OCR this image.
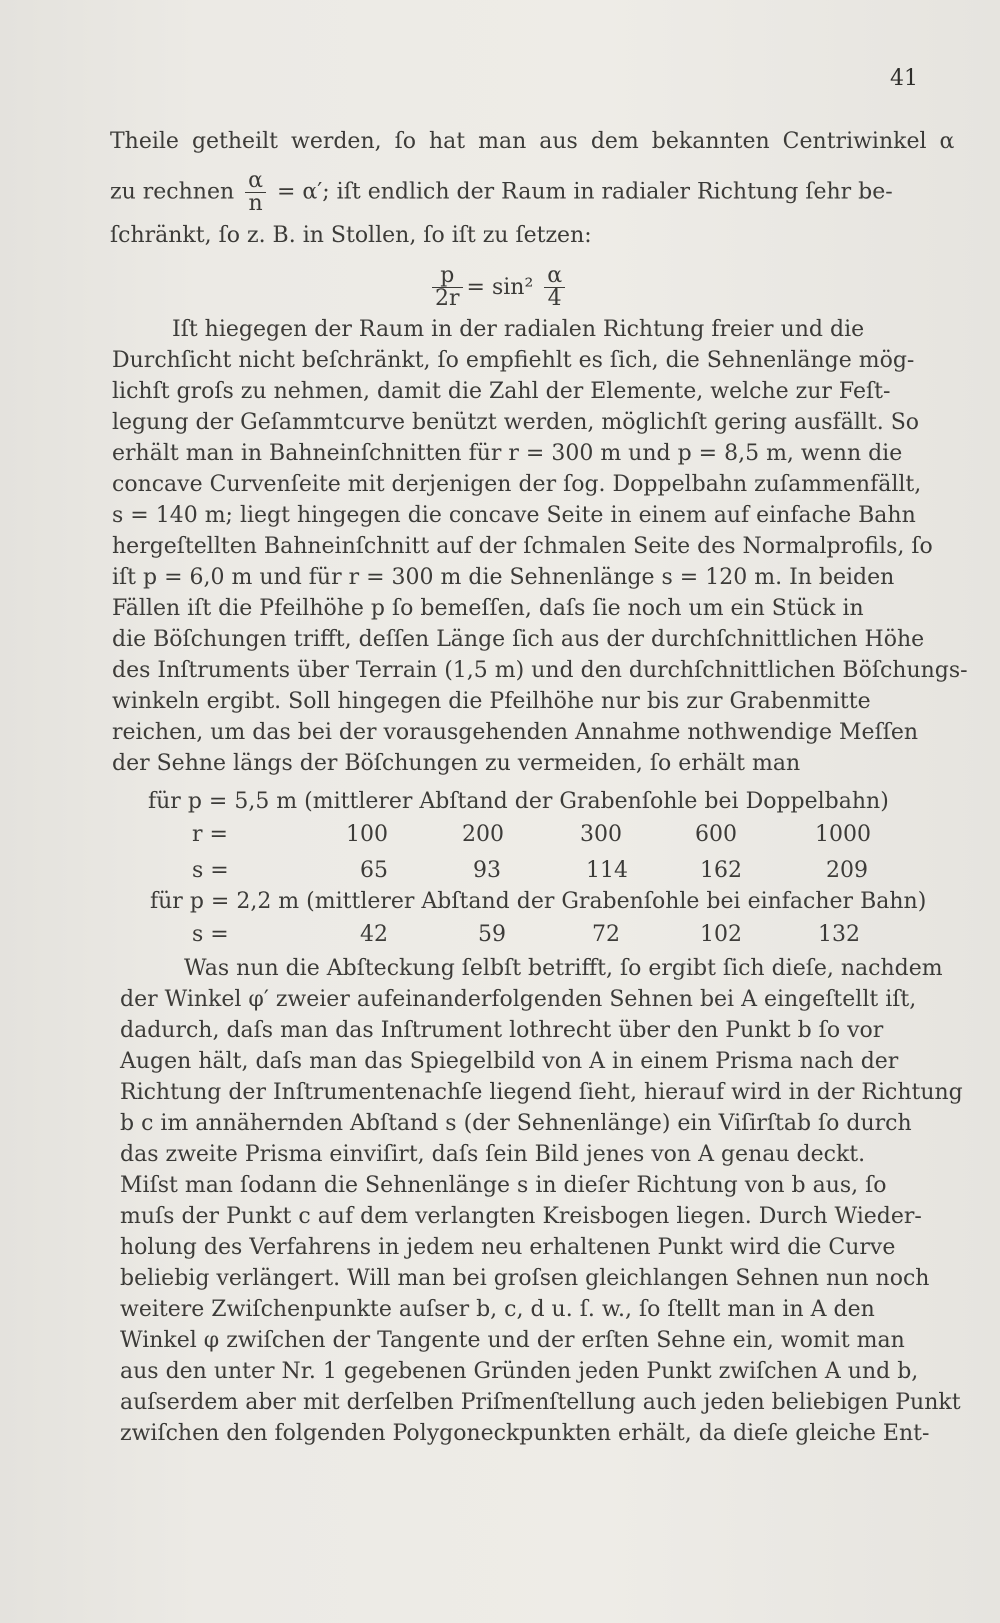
41
Theile getheilt werden, ſo hat man aus dem bekannten Centriwinkel α
zu rechnen $\frac{\alpha}{n} = \alpha'$; iſt endlich der Raum in radialer Richtung ſehr be-
ſchränkt, ſo z. B. in Stollen, ſo iſt zu ſetzen:
$\frac{p}{2r} = \sin^2 \frac{\alpha}{4}$
Iſt hiegegen der Raum in der radialen Richtung freier und die
Durchſicht nicht beſchränkt, ſo empfiehlt es ſich, die Sehnenlänge mög-
lichſt groſs zu nehmen, damit die Zahl der Elemente, welche zur Feſt-
legung der Geſammtcurve benützt werden, möglichſt gering ausfällt. So
erhält man in Bahneinſchnitten für r = 300 m und p = 8,5 m, wenn die
concave Curvenſeite mit derjenigen der ſog. Doppelbahn zuſammenfällt,
s = 140 m; liegt hingegen die concave Seite in einem auf einfache Bahn
hergeſtellten Bahneinſchnitt auf der ſchmalen Seite des Normalprofils, ſo
iſt p = 6,0 m und für r = 300 m die Sehnenlänge s = 120 m. In beiden
Fällen iſt die Pfeilhöhe p ſo bemeſſen, daſs ſie noch um ein Stück in
die Böſchungen trifft, deſſen Länge ſich aus der durchſchnittlichen Höhe
des Inſtruments über Terrain (1,5 m) und den durchſchnittlichen Böſchungs-
winkeln ergibt. Soll hingegen die Pfeilhöhe nur bis zur Grabenmitte
reichen, um das bei der vorausgehenden Annahme nothwendige Meſſen
der Sehne längs der Böſchungen zu vermeiden, ſo erhält man
für p = 5,5 m (mittlerer Abſtand der Grabenſohle bei Doppelbahn)
r =	100	200	300	600	1000
s =	65	93	114	162	209
für p = 2,2 m (mittlerer Abſtand der Grabenſohle bei einfacher Bahn)
s =	42	59	72	102	132
Was nun die Abſteckung ſelbſt betrifft, ſo ergibt ſich dieſe, nachdem
der Winkel φ′ zweier aufeinanderfolgenden Sehnen bei A eingeſtellt iſt,
dadurch, daſs man das Inſtrument lothrecht über den Punkt b ſo vor
Augen hält, daſs man das Spiegelbild von A in einem Prisma nach der
Richtung der Inſtrumentenachſe liegend ſieht, hierauf wird in der Richtung
b c im annähernden Abſtand s (der Sehnenlänge) ein Viſirſtab ſo durch
das zweite Prisma einviſirt, daſs ſein Bild jenes von A genau deckt.
Miſst man ſodann die Sehnenlänge s in dieſer Richtung von b aus, ſo
muſs der Punkt c auf dem verlangten Kreisbogen liegen. Durch Wieder-
holung des Verfahrens in jedem neu erhaltenen Punkt wird die Curve
beliebig verlängert. Will man bei groſsen gleichlangen Sehnen nun noch
weitere Zwiſchenpunkte auſser b, c, d u. ſ. w., ſo ſtellt man in A den
Winkel φ zwiſchen der Tangente und der erſten Sehne ein, womit man
aus den unter Nr. 1 gegebenen Gründen jeden Punkt zwiſchen A und b,
auſserdem aber mit derſelben Priſmenſtellung auch jeden beliebigen Punkt
zwiſchen den folgenden Polygoneckpunkten erhält, da dieſe gleiche Ent-
